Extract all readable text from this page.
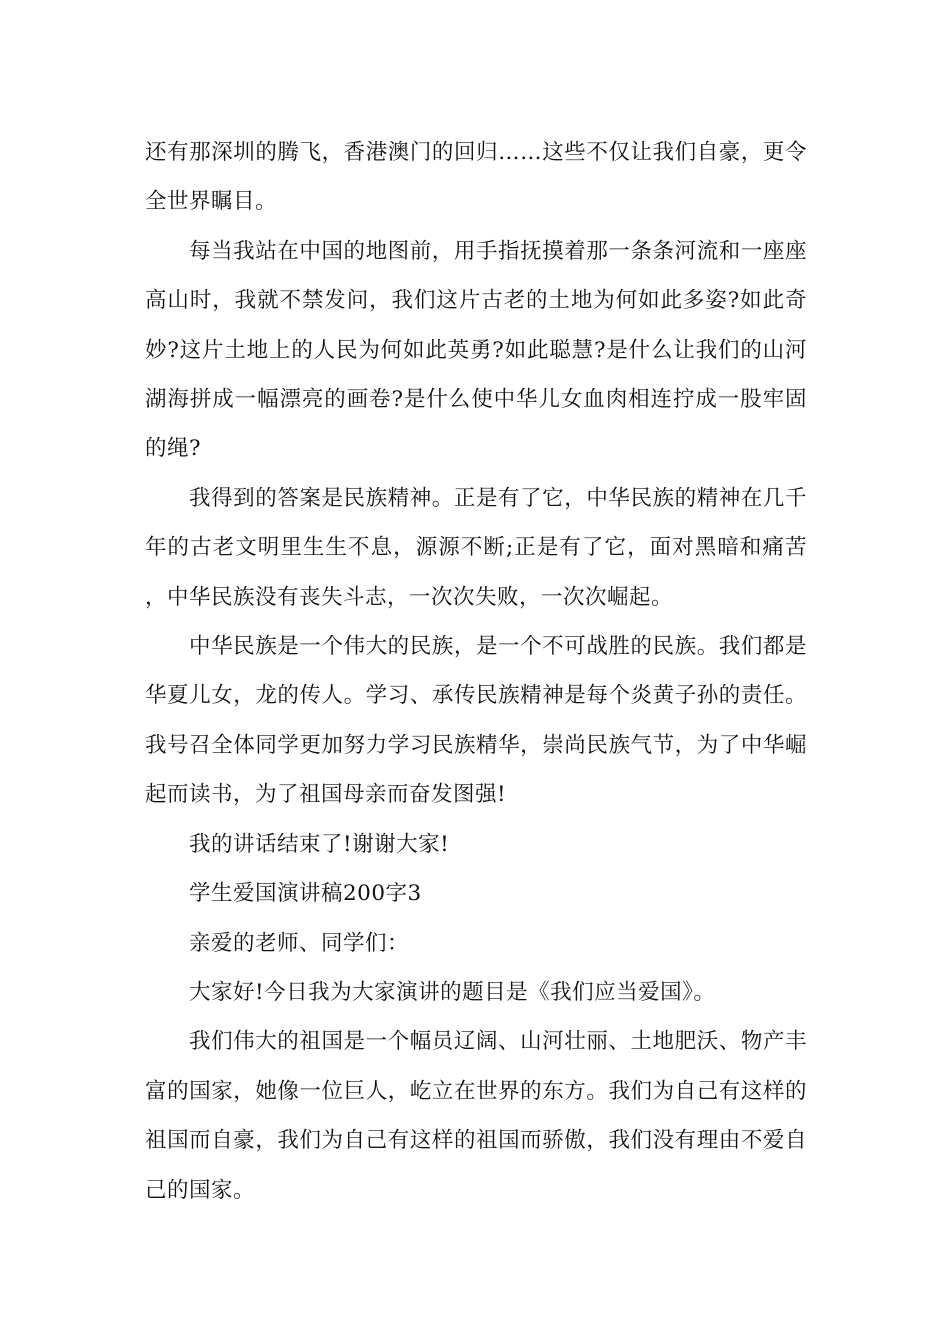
还有那深圳的腾飞，香港澳门的回归……这些不仅让我们自豪，更令全世界瞩目。

每当我站在中国的地图前，用手指抚摸着那一条条河流和一座座高山时，我就不禁发问，我们这片古老的土地为何如此多姿?如此奇妙?这片土地上的人民为何如此英勇?如此聪慧?是什么让我们的山河湖海拼成一幅漂亮的画卷?是什么使中华儿女血肉相连拧成一股牢固的绳?

我得到的答案是民族精神。正是有了它，中华民族的精神在几千年的古老文明里生生不息，源源不断;正是有了它，面对黑暗和痛苦，中华民族没有丧失斗志，一次次失败，一次次崛起。

中华民族是一个伟大的民族，是一个不可战胜的民族。我们都是华夏儿女，龙的传人。学习、承传民族精神是每个炎黄子孙的责任。我号召全体同学更加努力学习民族精华，崇尚民族气节，为了中华崛起而读书，为了祖国母亲而奋发图强!

我的讲话结束了!谢谢大家!

学生爱国演讲稿200字3

亲爱的老师、同学们：

大家好!今日我为大家演讲的题目是《我们应当爱国》。

我们伟大的祖国是一个幅员辽阔、山河壮丽、土地肥沃、物产丰富的国家，她像一位巨人，屹立在世界的东方。我们为自己有这样的祖国而自豪，我们为自己有这样的祖国而骄傲，我们没有理由不爱自己的国家。
